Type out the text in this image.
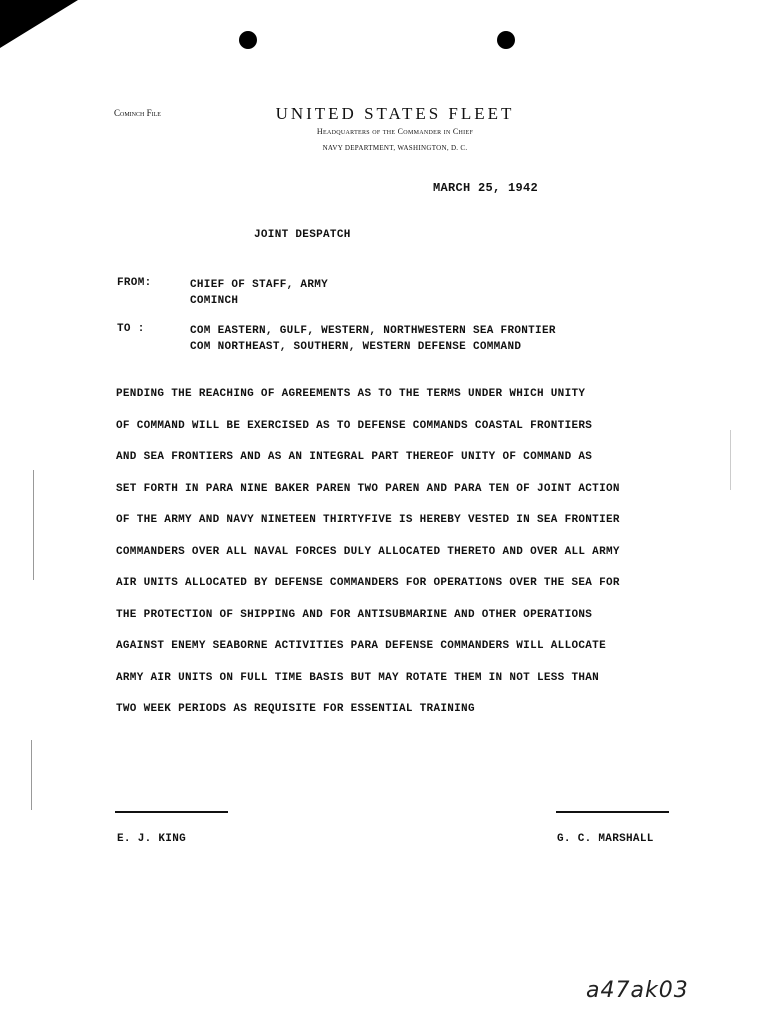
Cominch File	UNITED STATES FLEET
Headquarters of the Commander in Chief
NAVY DEPARTMENT, WASHINGTON, D. C.
MARCH 25, 1942
JOINT DESPATCH
FROM:	CHIEF OF STAFF, ARMY
COMINCH
TO :	COM EASTERN, GULF, WESTERN, NORTHWESTERN SEA FRONTIER
COM NORTHEAST, SOUTHERN, WESTERN DEFENSE COMMAND
PENDING THE REACHING OF AGREEMENTS AS TO THE TERMS UNDER WHICH UNITY
OF COMMAND WILL BE EXERCISED AS TO DEFENSE COMMANDS COASTAL FRONTIERS
AND SEA FRONTIERS AND AS AN INTEGRAL PART THEREOF UNITY OF COMMAND AS
SET FORTH IN PARA NINE BAKER PAREN TWO PAREN AND PARA TEN OF JOINT ACTION
OF THE ARMY AND NAVY NINETEEN THIRTYFIVE IS HEREBY VESTED IN SEA FRONTIER
COMMANDERS OVER ALL NAVAL FORCES DULY ALLOCATED THERETO AND OVER ALL ARMY
AIR UNITS ALLOCATED BY DEFENSE COMMANDERS FOR OPERATIONS OVER THE SEA FOR
THE PROTECTION OF SHIPPING AND FOR ANTISUBMARINE AND OTHER OPERATIONS
AGAINST ENEMY SEABORNE ACTIVITIES PARA DEFENSE COMMANDERS WILL ALLOCATE
ARMY AIR UNITS ON FULL TIME BASIS BUT MAY ROTATE THEM IN NOT LESS THAN
TWO WEEK PERIODS AS REQUISITE FOR ESSENTIAL TRAINING
E. J. KING	G. C. MARSHALL
a47ak03
